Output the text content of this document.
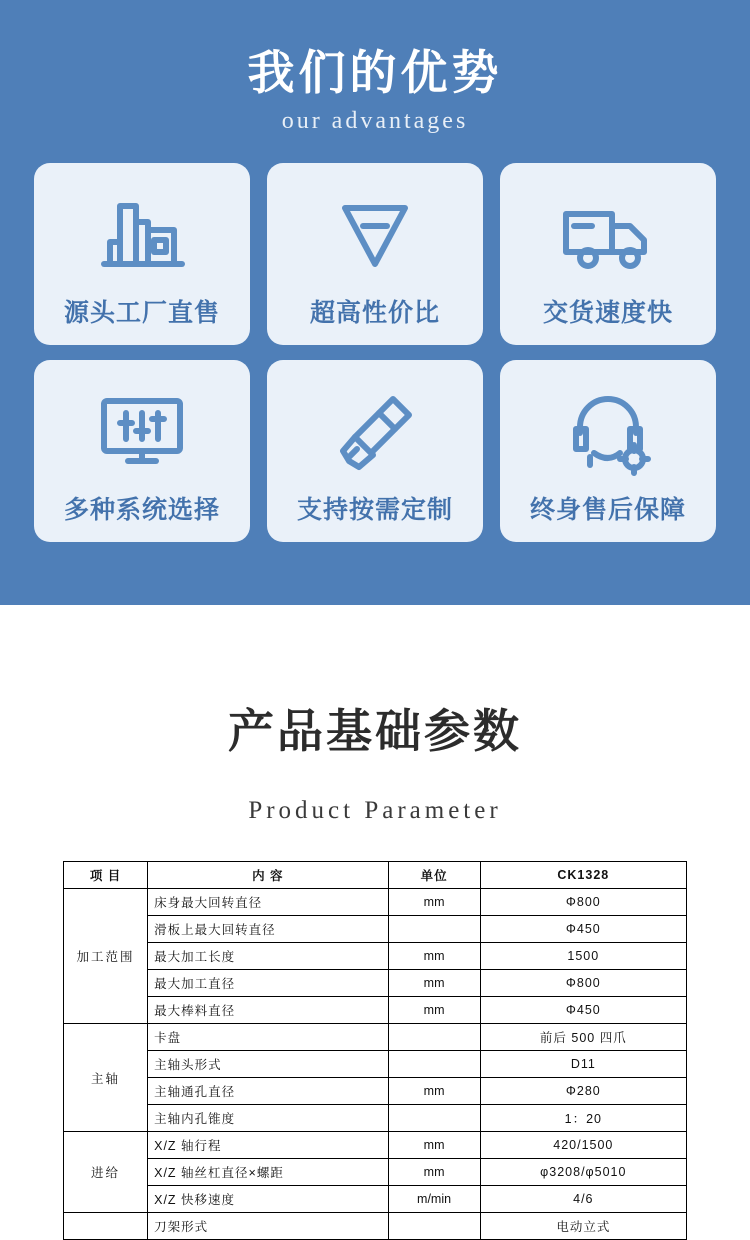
我们的优势
our advantages
源头工厂直售	超高性价比	交货速度快
多种系统选择	支持按需定制	终身售后保障
产品基础参数
Product Parameter
项 目	内 容	单位	CK1328
加工范围	床身最大回转直径	mm	Φ800
	滑板上最大回转直径		Φ450
	最大加工长度	mm	1500
	最大加工直径	mm	Φ800
	最大棒料直径	mm	Φ450
主轴	卡盘		前后 500 四爪
	主轴头形式		D11
	主轴通孔直径	mm	Φ280
	主轴内孔锥度		1：20
进给	X/Z 轴行程	mm	420/1500
	X/Z 轴丝杠直径×螺距	mm	φ3208/φ5010
	X/Z 快移速度	m/min	4/6
	刀架形式		电动立式
